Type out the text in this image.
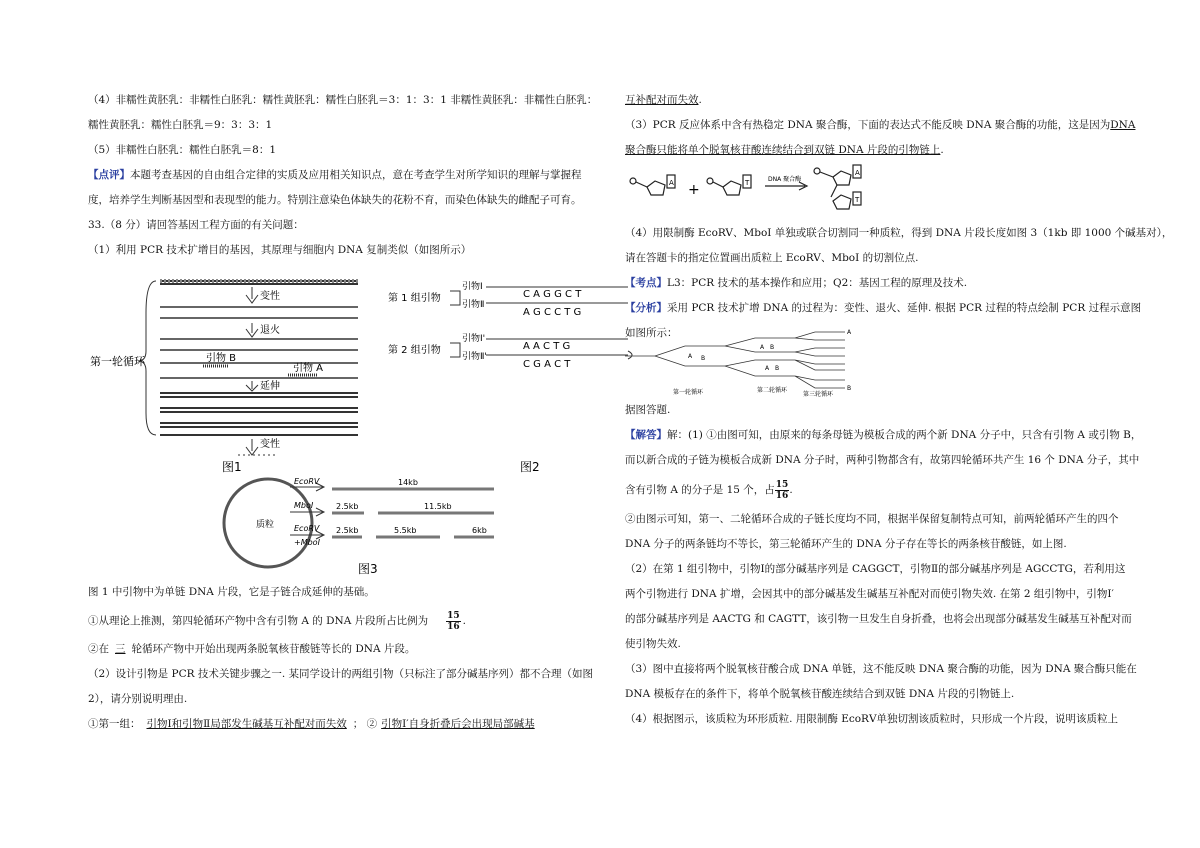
（4）非糯性黄胚乳：非糯性白胚乳：糯性黄胚乳：糯性白胚乳＝3：1：3：1 非糯性黄胚乳：非糯性白胚乳：

糯性黄胚乳：糯性白胚乳＝9：3：3：1

（5）非糯性白胚乳：糯性白胚乳＝8：1

【点评】本题考查基因的自由组合定律的实质及应用相关知识点，意在考查学生对所学知识的理解与掌握程

度，培养学生判断基因型和表现型的能力。特别注意染色体缺失的花粉不育，而染色体缺失的雌配子可育。

33.（8 分）请回答基因工程方面的有关问题：

（1）利用 PCR 技术扩增目的基因，其原理与细胞内 DNA 复制类似（如图所示）

第一轮循环
变性
退火
引物 B
引物 A
延伸
变性
图1
第 1 组引物
第 2 组引物
引物Ⅰ
引物Ⅱ
引物Ⅰ'
引物Ⅱ'
C A G G C T
A G C C T G
A A C T G
C G A C T
图2
质粒
EcoRV
MboI
EcoRV
+MboI
14kb
2.5kb	11.5kb
2.5kb	5.5kb	6kb
图3

图 1 中引物中为单链 DNA 片段，它是子链合成延伸的基础。

①从理论上推测，第四轮循环产物中含有引物 A 的 DNA 片段所占比例为 $\frac{15}{16}$ .

②在 三 轮循环产物中开始出现两条脱氧核苷酸链等长的 DNA 片段。

（2）设计引物是 PCR 技术关键步骤之一. 某同学设计的两组引物（只标注了部分碱基序列）都不合理（如图

2），请分别说明理由.

①第一组： 引物Ⅰ和引物Ⅱ局部发生碱基互补配对而失效 ； ② 引物Ⅰ′自身折叠后会出现局部碱基

互补配对而失效.

（3）PCR 反应体系中含有热稳定 DNA 聚合酶，下面的表达式不能反映 DNA 聚合酶的功能，这是因为DNA

聚合酶只能将单个脱氧核苷酸连续结合到双链 DNA 片段的引物链上.

A	T
A
T
+
DNA 聚合酶

（4）用限制酶 EcoRV、MboI 单独或联合切割同一种质粒，得到 DNA 片段长度如图 3（1kb 即 1000 个碱基对），

请在答题卡的指定位置画出质粒上 EcoRV、MboI 的切割位点.

【考点】L3：PCR 技术的基本操作和应用；Q2：基因工程的原理及技术.

【分析】采用 PCR 技术扩增 DNA 的过程为：变性、退火、延伸. 根据 PCR 过程的特点绘制 PCR 过程示意图

如图所示：

A B
A B
A B
A
B
第一轮循环	第二轮循环
第三轮循环

据图答题.

【解答】解：(1) ①由图可知，由原来的每条母链为模板合成的两个新 DNA 分子中，只含有引物 A 或引物 B，

而以新合成的子链为模板合成新 DNA 分子时，两种引物都含有，故第四轮循环共产生 16 个 DNA 分子，其中

含有引物 A 的分子是 15 个，占 $\frac{15}{16}$ .

②由图示可知，第一、二轮循环合成的子链长度均不同，根据半保留复制特点可知，前两轮循环产生的四个

DNA 分子的两条链均不等长，第三轮循环产生的 DNA 分子存在等长的两条核苷酸链，如上图.

（2）在第 1 组引物中，引物Ⅰ的部分碱基序列是 CAGGCT，引物Ⅱ的部分碱基序列是 AGCCTG，若利用这

两个引物进行 DNA 扩增，会因其中的部分碱基发生碱基互补配对而使引物失效. 在第 2 组引物中，引物Ⅰ′

的部分碱基序列是 AACTG 和 CAGTT，该引物一旦发生自身折叠，也将会出现部分碱基发生碱基互补配对而

使引物失效.

（3）图中直接将两个脱氧核苷酸合成 DNA 单链，这不能反映 DNA 聚合酶的功能，因为 DNA 聚合酶只能在

DNA 模板存在的条件下，将单个脱氧核苷酸连续结合到双链 DNA 片段的引物链上.

（4）根据图示，该质粒为环形质粒. 用限制酶 EcoRⅤ单独切割该质粒时，只形成一个片段，说明该质粒上
